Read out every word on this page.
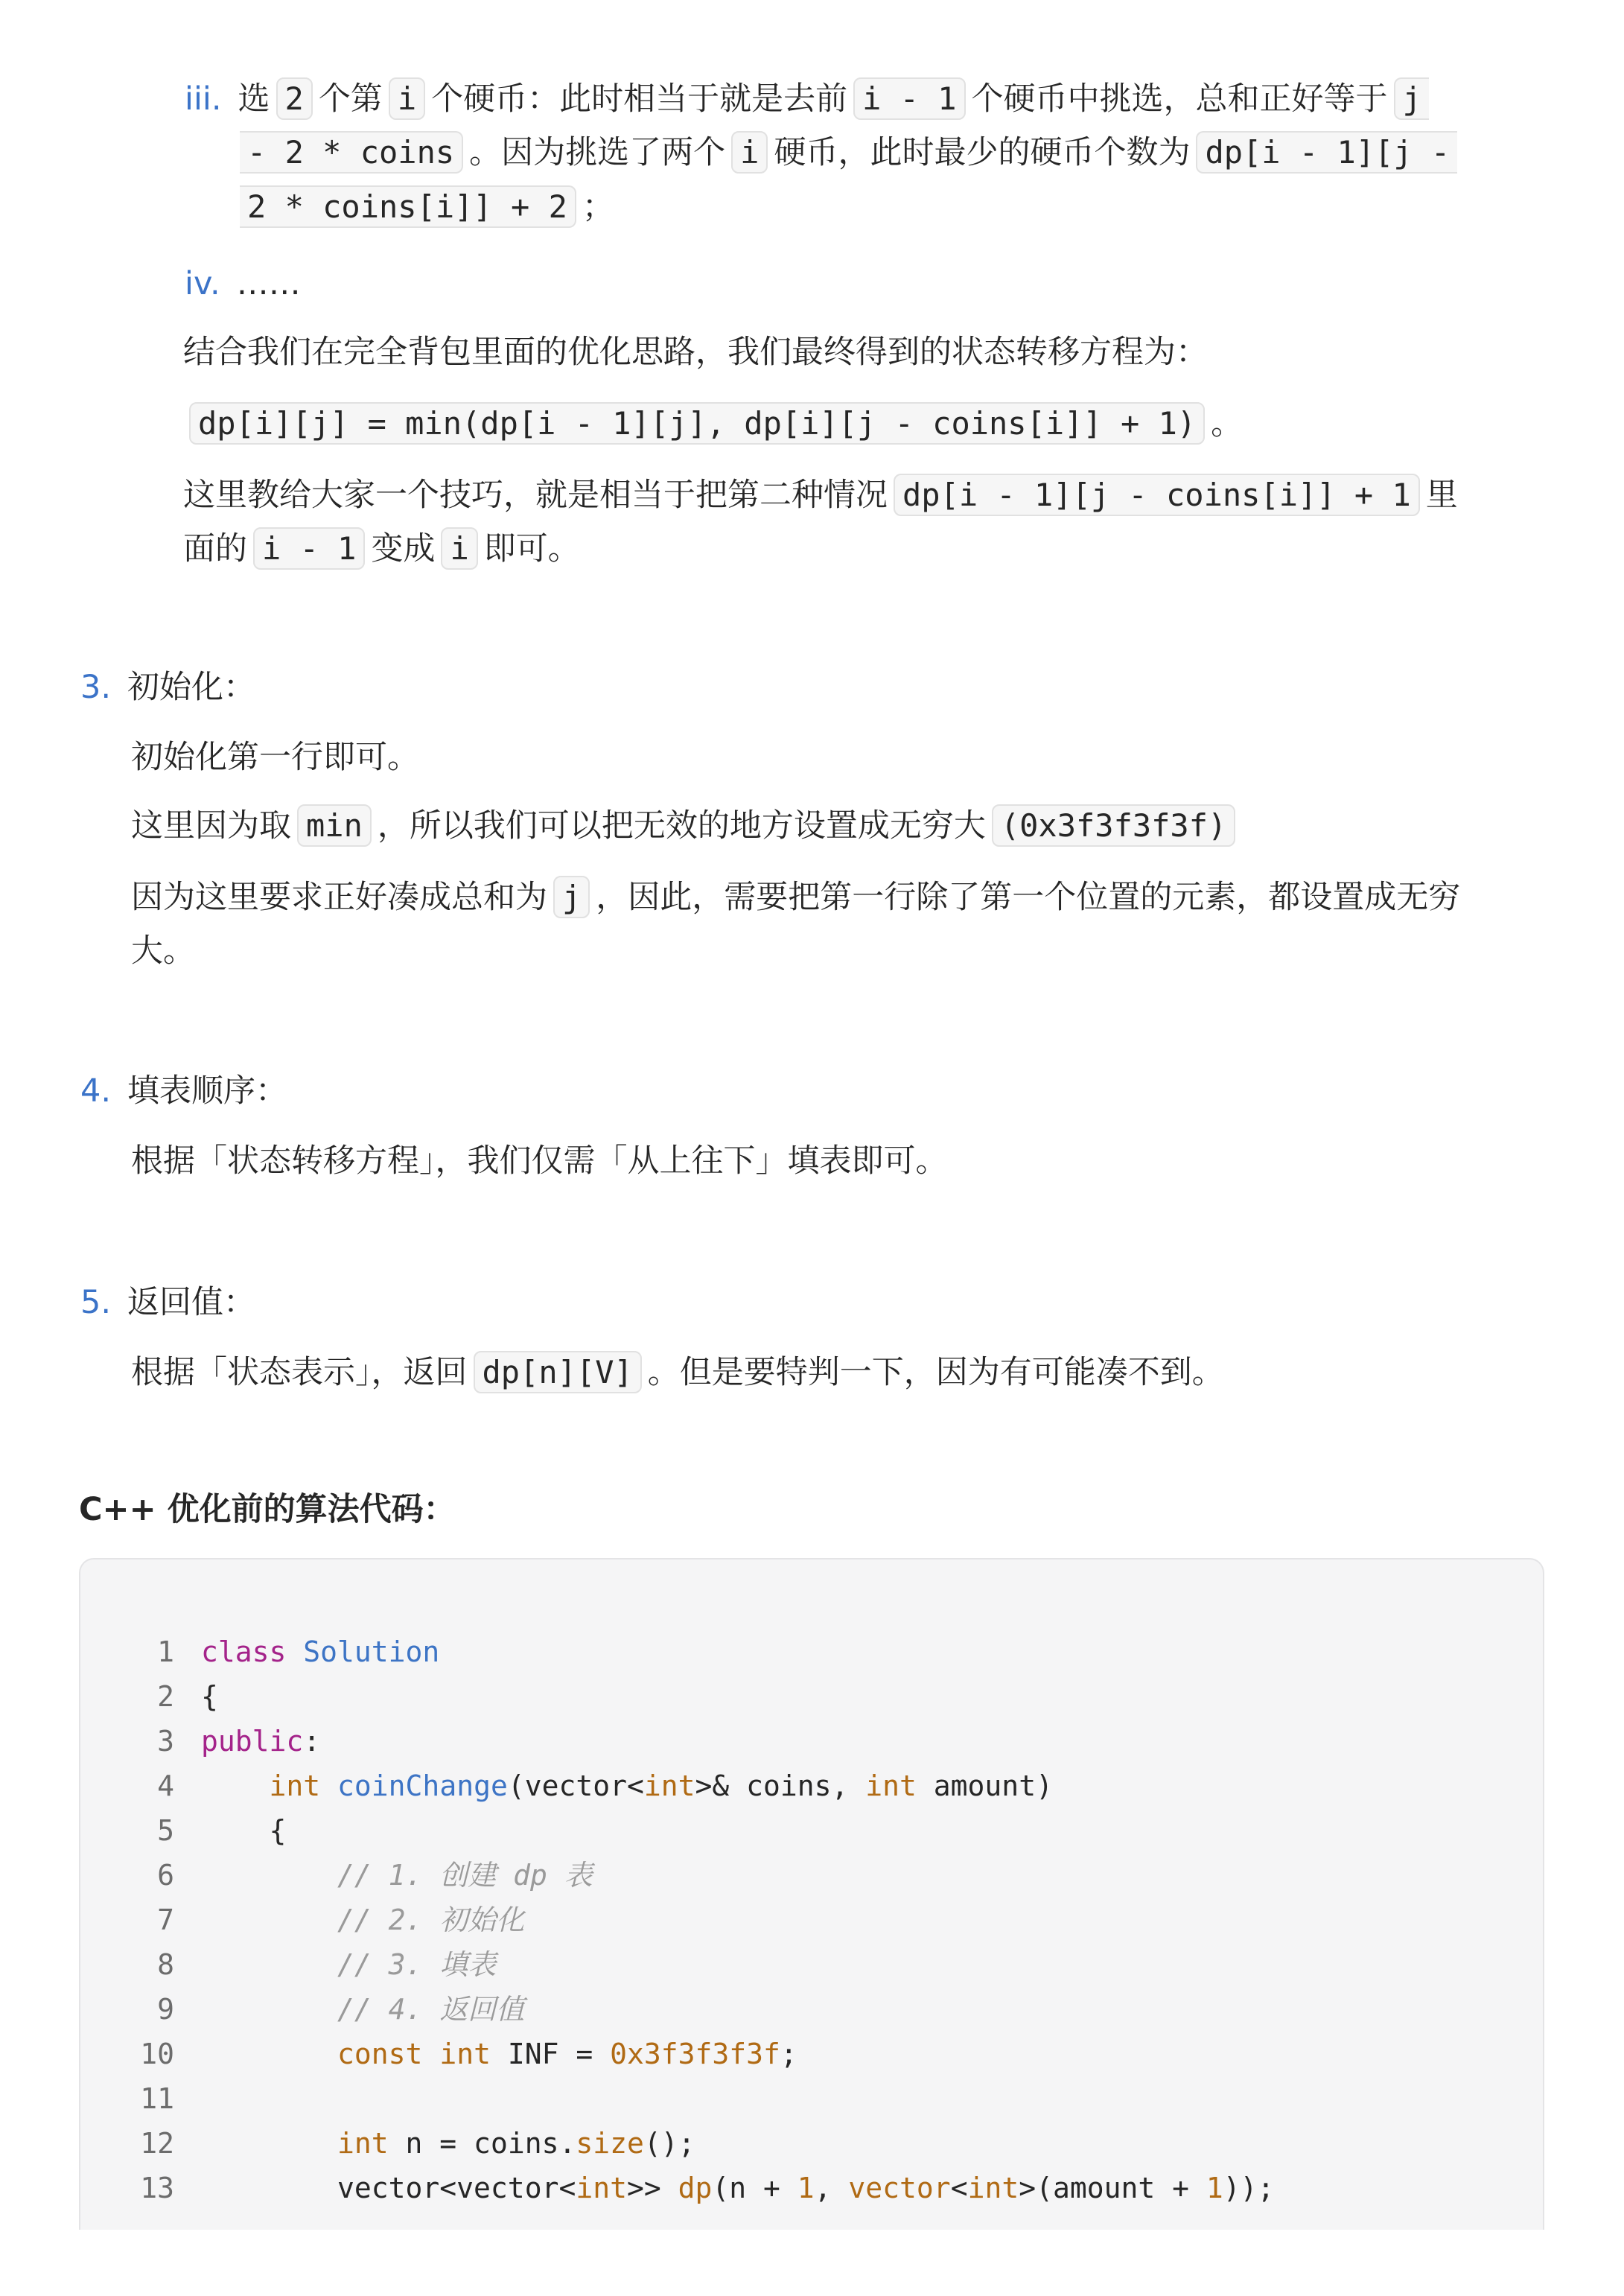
iii. 选 2 个第 i 个硬币：此时相当于就是去前 i - 1 个硬币中挑选，总和正好等于 j
- 2 * coins 。因为挑选了两个 i 硬币，此时最少的硬币个数为 dp[i - 1][j -
2 * coins[i]] + 2 ；
iv. ……
结合我们在完全背包里面的优化思路，我们最终得到的状态转移方程为：
dp[i][j] = min(dp[i - 1][j], dp[i][j - coins[i]] + 1) 。
这里教给大家一个技巧，就是相当于把第二种情况 dp[i - 1][j - coins[i]] + 1 里
面的 i - 1 变成 i 即可。
3. 初始化：
初始化第一行即可。
这里因为取 min ，所以我们可以把无效的地方设置成无穷大 (0x3f3f3f3f)
因为这里要求正好凑成总和为 j ，因此，需要把第一行除了第一个位置的元素，都设置成无穷
大。
4. 填表顺序：
根据「状态转移方程」，我们仅需「从上往下」填表即可。
5. 返回值：
根据「状态表示」，返回 dp[n][V] 。但是要特判一下，因为有可能凑不到。
C++ 优化前的算法代码：
1 class Solution
2 {
3 public:
4	int coinChange(vector<int>& coins, int amount)
5	{
6	// 1. 创建 dp 表
7	// 2. 初始化
8	// 3. 填表
9	// 4. 返回值
10	const int INF = 0x3f3f3f3f;
11
12	int n = coins.size();
13	vector<vector<int>> dp(n + 1, vector<int>(amount + 1));
